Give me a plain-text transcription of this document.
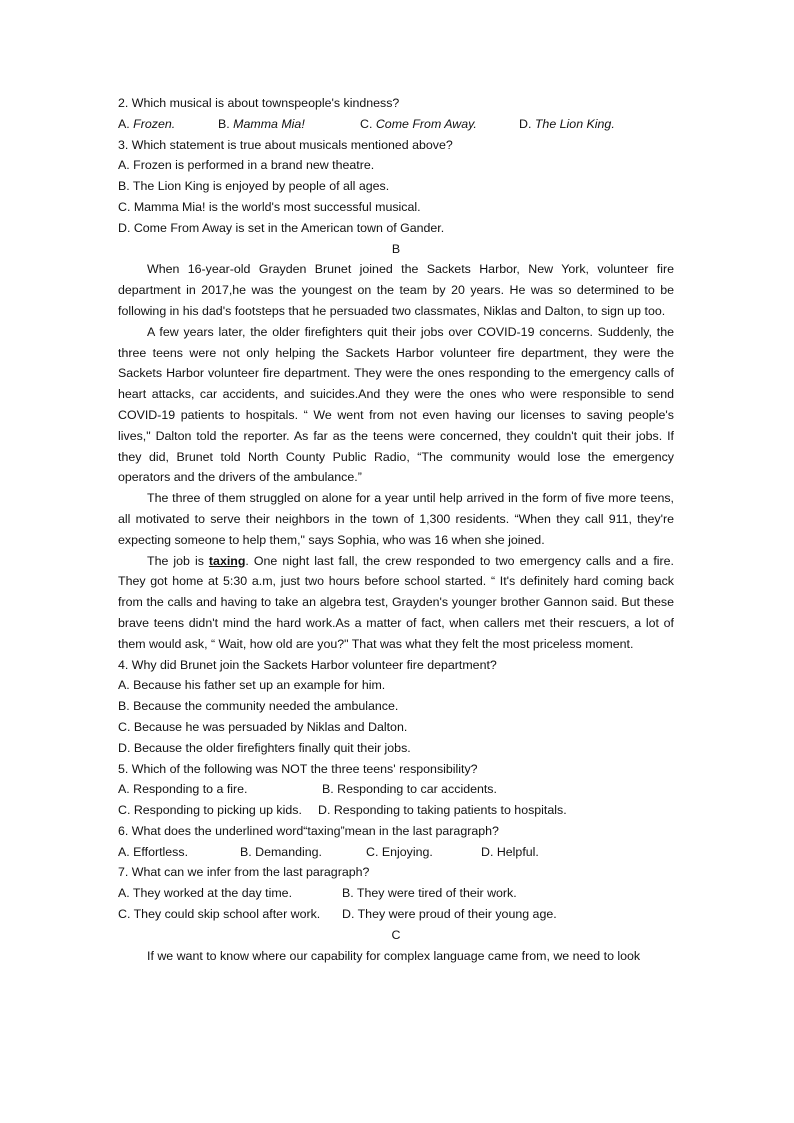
2. Which musical is about townspeople's kindness?
A. Frozen.	B. Mamma Mia!	C. Come From Away.	D. The Lion King.
3. Which statement is true about musicals mentioned above?
A. Frozen is performed in a brand new theatre.
B. The Lion King is enjoyed by people of all ages.
C. Mamma Mia! is the world's most successful musical.
D. Come From Away is set in the American town of Gander.
B
When 16-year-old Grayden Brunet joined the Sackets Harbor, New York, volunteer fire department in 2017,he was the youngest on the team by 20 years. He was so determined to be following in his dad's footsteps that he persuaded two classmates, Niklas and Dalton, to sign up too.
A few years later, the older firefighters quit their jobs over COVID-19 concerns. Suddenly, the three teens were not only helping the Sackets Harbor volunteer fire department, they were the Sackets Harbor volunteer fire department. They were the ones responding to the emergency calls of heart attacks, car accidents, and suicides.And they were the ones who were responsible to send COVID-19 patients to hospitals. “ We went from not even having our licenses to saving people's lives," Dalton told the reporter. As far as the teens were concerned, they couldn't quit their jobs. If they did, Brunet told North County Public Radio, “The community would lose the emergency operators and the drivers of the ambulance.”
The three of them struggled on alone for a year until help arrived in the form of five more teens, all motivated to serve their neighbors in the town of 1,300 residents. “When they call 911, they're expecting someone to help them," says Sophia, who was 16 when she joined.
The job is taxing. One night last fall, the crew responded to two emergency calls and a fire. They got home at 5:30 a.m, just two hours before school started. “ It's definitely hard coming back from the calls and having to take an algebra test, Grayden's younger brother Gannon said. But these brave teens didn't mind the hard work.As a matter of fact, when callers met their rescuers, a lot of them would ask, “ Wait, how old are you?" That was what they felt the most priceless moment.
4. Why did Brunet join the Sackets Harbor volunteer fire department?
A. Because his father set up an example for him.
B. Because the community needed the ambulance.
C. Because he was persuaded by Niklas and Dalton.
D. Because the older firefighters finally quit their jobs.
5. Which of the following was NOT the three teens' responsibility?
A. Responding to a fire.	B. Responding to car accidents.
C. Responding to picking up kids. D. Responding to taking patients to hospitals.
6. What does the underlined word“taxing”mean in the last paragraph?
A. Effortless.	B. Demanding.	C. Enjoying.	D. Helpful.
7. What can we infer from the last paragraph?
A. They worked at the day time.	B. They were tired of their work.
C. They could skip school after work. D. They were proud of their young age.
C
If we want to know where our capability for complex language came from, we need to look
